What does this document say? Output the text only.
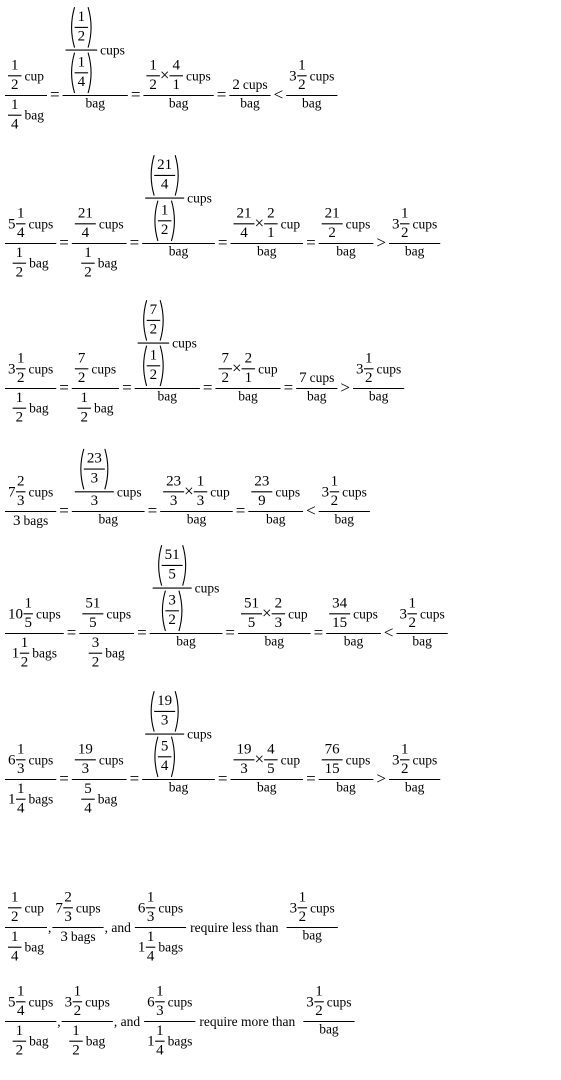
1
2
cup
1
4
bag
=
1
2
1
4
cups
bag =
1
2
× 4
1
cups
bag = 2 cups
bag <
3
1
2
cups
bag
5
1
4
cups
1
2
bag
=
21
4
cups
1
2
bag
=
21
4
1
2
cups
bag =
21
4
× 2
1
cup
bag =
21
2
cups
bag >
3
1
2
cups
bag
3
1
2
cups
1
2
bag
=
7
2
cups
1
2
bag
=
7
2
1
2
cups
bag =
7
2
× 2
1
cup
bag = 7 cups
bag >
3
1
2
cups
bag
7
2
3
cups
3 bags
=
23
3
3
cups
bag =
23
3
× 1
3
cup
bag =
23
9
cups
bag <
3
1
2
cups
bag
10
1
5
cups
1
1
2
bags
=
51
5
cups
3
2
bag
=
51
5
3
2
cups
bag =
51
5
× 2
3
cup
bag =
34
15
cups
bag <
3
1
2
cups
bag
6
1
3
cups
1
1
4
bags
=
19
3
cups
5
4
bag
=
19
3
5
4
cups
bag =
19
3
× 4
5
cup
bag =
76
15
cups
bag >
3
1
2
cups
bag
1
2
cup
1
4
bag
,
7
2
3
cups
3 bags
, and
6
1
3
cups
1
1
4
bags
require less than
3
1
2
cups
bag
5
1
4
cups
1
2
bag
,
3
1
2
cups
1
2
bag
, and
6
1
3
cups
1
1
4
bags
require more than
3
1
2
cups
bag
